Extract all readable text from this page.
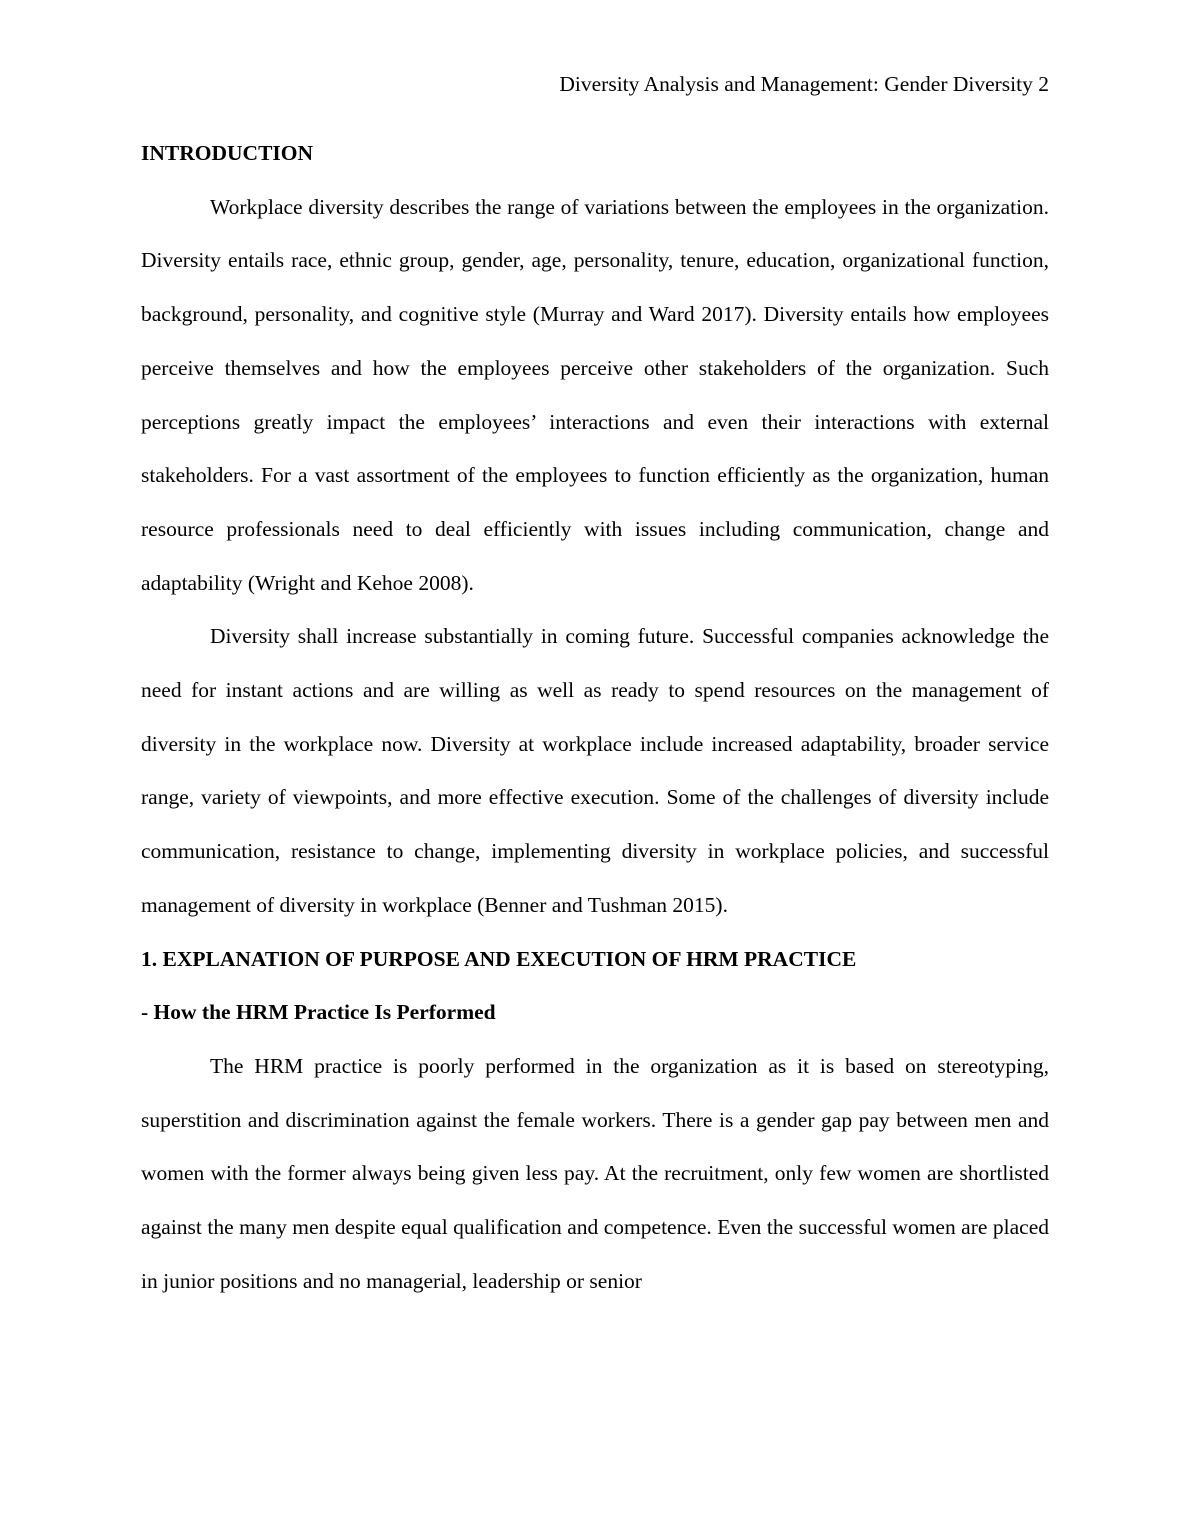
Diversity Analysis and Management: Gender Diversity 2
INTRODUCTION

Workplace diversity describes the range of variations between the employees in the organization. Diversity entails race, ethnic group, gender, age, personality, tenure, education, organizational function, background, personality, and cognitive style (Murray and Ward 2017). Diversity entails how employees perceive themselves and how the employees perceive other stakeholders of the organization. Such perceptions greatly impact the employees’ interactions and even their interactions with external stakeholders. For a vast assortment of the employees to function efficiently as the organization, human resource professionals need to deal efficiently with issues including communication, change and adaptability (Wright and Kehoe 2008).

Diversity shall increase substantially in coming future. Successful companies acknowledge the need for instant actions and are willing as well as ready to spend resources on the management of diversity in the workplace now. Diversity at workplace include increased adaptability, broader service range, variety of viewpoints, and more effective execution. Some of the challenges of diversity include communication, resistance to change, implementing diversity in workplace policies, and successful management of diversity in workplace (Benner and Tushman 2015).

1. EXPLANATION OF PURPOSE AND EXECUTION OF HRM PRACTICE
- How the HRM Practice Is Performed

The HRM practice is poorly performed in the organization as it is based on stereotyping, superstition and discrimination against the female workers. There is a gender gap pay between men and women with the former always being given less pay. At the recruitment, only few women are shortlisted against the many men despite equal qualification and competence. Even the successful women are placed in junior positions and no managerial, leadership or senior
